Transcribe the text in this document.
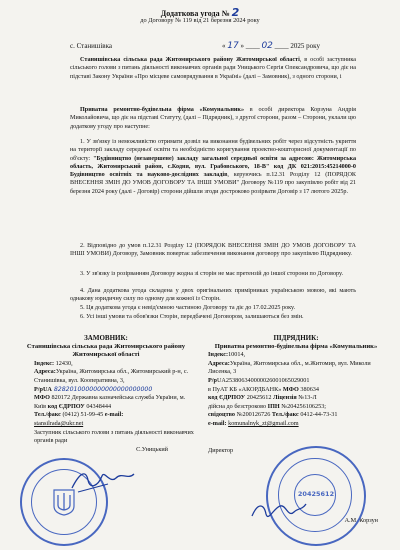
Додаткова угода № 2
до Договору № 119 від 21 березня 2024 року
с. Станишівка	« 17 » ____ 02 ____ 2025 року
Станишівська сільська рада Житомирського району Житомирської області, в особі заступника сільського голови з питань діяльності виконавчих органів ради Уницького Сергія Олександровича, що діє на підставі Закону України «Про місцеве самоврядування в Україні» (далі – Замовник), з одного сторони, і
Приватна ремонтно-будівельна фірма «Комунальник» в особі директора Корзуна Андрія Миколайовича, що діє на підставі Статуту, (далі – Підрядник), з другої сторони, разом – Сторони, уклали цю додаткову угоду про наступне:
1. У зв'язку із неможливістю отримати дозвіл на виконання будівельних робіт через відсутність укриття на території закладу середньої освіти та необхідністю коригування проектно-кошторисної документації по об'єкту: "Будівництво (незавершене) закладу загальної середньої освіти за адресою: Житомирська область, Житомирський район, с.Кодня, вул. Грабовського, 18-В" код ДК 021:2015:45214000-0 Будівництво освітніх та науково-дослідних закладів, керуючись п.12.31 Розділу 12 (ПОРЯДОК ВНЕСЕННЯ ЗМІН ДО УМОВ ДОГОВОРУ ТА ІНШІ УМОВИ" Договору №119 про закупівлю робіт від 21 березня 2024 року (далі - Договір) сторони дійшли згоди достроково розірвати Договір з 17 лютого 2025р.
2. Відповідно до умов п.12.31 Розділу 12 (ПОРЯДОК ВНЕСЕННЯ ЗМІН ДО УМОВ ДОГОВОРУ ТА ІНШІ УМОВИ) Договору, Замовник повертає забезпечення виконання договору про закупівлю Підряднику.
3. У зв'язку із розірванням Договору жодна зі сторін не має претензій до іншої сторони по Договору.
4. Дана додаткова угода складена у двох оригінальних примірниках українською мовою, які мають однакову юридичну силу по одному для кожної із Сторін.
5. Ця додаткова угода є невід'ємною частиною Договору та діє до 17.02.2025 року.
6. Усі інші умови та обов'язки Сторін, передбачені Договором, залишаються без змін.
ЗАМОВНИК:
Станишівська сільська рада Житомирського району Житомирської області
Індекс: 12430,
Адреса:Україна, Житомирська обл., Житомирський р-н, с. Станишівка, вул. Кооперативна, 3,
Р/рUA 8282010000000000000000000
МФО 820172 Державна казначейська служба України, м. Київ код ЄДРПОУ 04348444
Тел./факс (0412) 51-99-45 e-mail:
stansilrada@ukr.net
Заступник сільського голови з питань діяльності виконавчих органів ради
С.Уницький
ПІДРЯДНИК:
Приватна ремонтно-будівельна фірма «Комунальник»
Індекс:10014,
Адреса:Україна, Житомирська обл., м.Житомир, вул. Миколи Лисенка, 3
Р/рUA253806340000026001065029001
в ПуАТ КБ «АКОРДБАНК» МФО 380634
код ЄДРПОУ 20425612 Ліцензія №13-Л
дійсна до безстроково ІПН №204256106253;
свідоцтво №200126726 Тел./факс 0412-44-73-31
e-mail: komunalnyk_zt@gmail.com
Директор
А.М. Корзун
20425612
